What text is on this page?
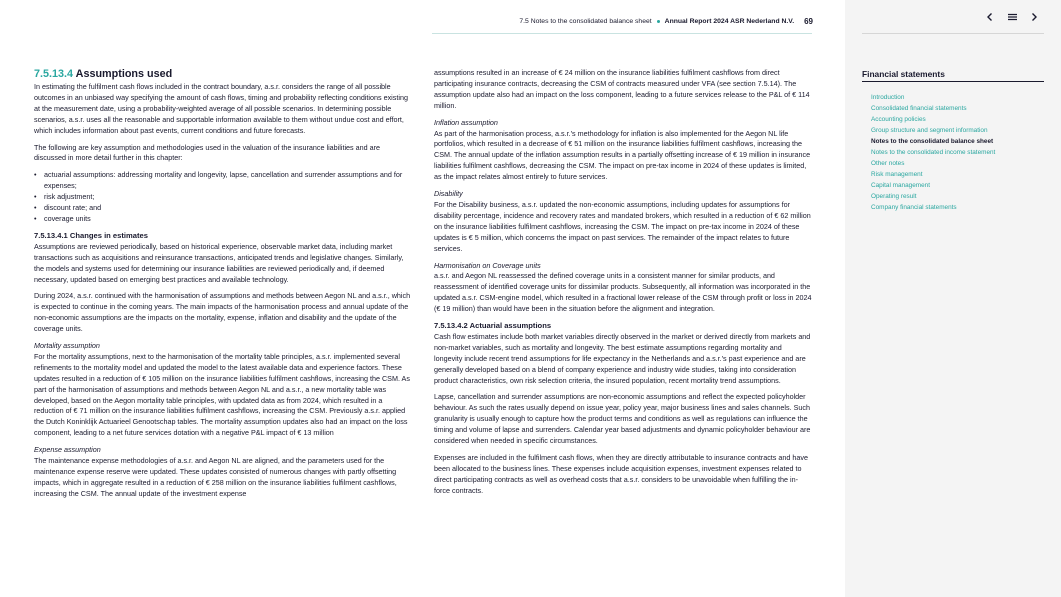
7.5 Notes to the consolidated balance sheet Annual Report 2024 ASR Nederland N.V. 69
7.5.13.4 Assumptions used

In estimating the fulfilment cash flows included in the contract boundary, a.s.r. considers the range of all possible outcomes in an unbiased way specifying the amount of cash flows, timing and probability reflecting conditions existing at the measurement date, using a probability-weighted average of all possible scenarios. In determining possible scenarios, a.s.r. uses all the reasonable and supportable information available to them without undue cost and effort, which includes information about past events, current conditions and future forecasts.

The following are key assumption and methodologies used in the valuation of the insurance liabilities and are discussed in more detail further in this chapter:

• actuarial assumptions: addressing mortality and longevity, lapse, cancellation and surrender assumptions and for expenses;
• risk adjustment;
• discount rate; and
• coverage units
7.5.13.4.1 Changes in estimates

Assumptions are reviewed periodically, based on historical experience, observable market data, including market transactions such as acquisitions and reinsurance transactions, anticipated trends and legislative changes. Similarly, the models and systems used for determining our insurance liabilities are reviewed periodically and, if deemed necessary, updated based on emerging best practices and available technology.

During 2024, a.s.r. continued with the harmonisation of assumptions and methods between Aegon NL and a.s.r., which is expected to continue in the coming years. The main impacts of the harmonisation process and annual update of the non-economic assumptions are the impacts on the mortality, expense, inflation and disability and the update of the coverage units.

Mortality assumption

For the mortality assumptions, next to the harmonisation of the mortality table principles, a.s.r. implemented several refinements to the mortality model and updated the model to the latest available data and experience factors. These updates resulted in a reduction of € 105 million on the insurance liabilities fulfilment cashflows, increasing the CSM. As part of the harmonisation of assumptions and methods between Aegon NL and a.s.r., a new mortality table was developed, based on the Aegon mortality table principles, with updated data as from 2024, which resulted in a reduction of € 71 million on the insurance liabilities fulfilment cashflows, increasing the CSM. Previously a.s.r. applied the Dutch Koninklijk Actuarieel Genootschap tables. The mortality assumption updates also had an impact on the loss component, leading to a net future services dotation with a negative P&L impact of € 13 million

Expense assumption

The maintenance expense methodologies of a.s.r. and Aegon NL are aligned, and the parameters used for the maintenance expense reserve were updated. These updates consisted of numerous changes with partly offsetting impacts, which in aggregate resulted in a reduction of € 258 million on the insurance liabilities fulfilment cashflows, increasing the CSM. The annual update of the investment expense

assumptions resulted in an increase of € 24 million on the insurance liabilities fulfilment cashflows from direct participating insurance contracts, decreasing the CSM of contracts measured under VFA (see section 7.5.14). The assumption update also had an impact on the loss component, leading to a future services release to the P&L of € 114 million.

Inflation assumption

As part of the harmonisation process, a.s.r.'s methodology for inflation is also implemented for the Aegon NL life portfolios, which resulted in a decrease of € 51 million on the insurance liabilities fulfilment cashflows, increasing the CSM. The annual update of the inflation assumption results in a partially offsetting increase of € 19 million in insurance liabilities fulfilment cashflows, decreasing the CSM. The impact on pre-tax income in 2024 of these updates is limited, as the impact relates almost entirely to future services.

Disability

For the Disability business, a.s.r. updated the non-economic assumptions, including updates for assumptions for disability percentage, incidence and recovery rates and mandated brokers, which resulted in a reduction of € 62 million on the insurance liabilities fulfilment cashflows, increasing the CSM. The impact on pre-tax income in 2024 of these updates is € 5 million, which concerns the impact on past services. The remainder of the impact relates to future services.

Harmonisation on Coverage units

a.s.r. and Aegon NL reassessed the defined coverage units in a consistent manner for similar products, and reassessment of identified coverage units for dissimilar products. Subsequently, all information was incorporated in the updated a.s.r. CSM-engine model, which resulted in a fractional lower release of the CSM through profit or loss in 2024 (€ 19 million) than would have been in the situation before the alignment and integration.

7.5.13.4.2 Actuarial assumptions

Cash flow estimates include both market variables directly observed in the market or derived directly from markets and non-market variables, such as mortality and longevity. The best estimate assumptions regarding mortality and longevity include recent trend assumptions for life expectancy in the Netherlands and a.s.r.'s past experience and are generally developed based on a blend of company experience and industry wide studies, taking into consideration product characteristics, own risk selection criteria, the insured population, recent mortality trend assumptions.

Lapse, cancellation and surrender assumptions are non-economic assumptions and reflect the expected policyholder behaviour. As such the rates usually depend on issue year, policy year, major business lines and sales channels. Such granularity is usually enough to capture how the product terms and conditions as well as regulations can influence the timing and volume of lapse and surrenders. Calendar year based adjustments and dynamic policyholder behaviour are considered when needed in specific circumstances.

Expenses are included in the fulfilment cash flows, when they are directly attributable to insurance contracts and have been allocated to the business lines. These expenses include acquisition expenses, investment expenses related to direct participating contracts as well as overhead costs that a.s.r. considers to be unavoidable when fulfilling the in-force contracts.

Financial statements
Introduction
Consolidated financial statements
Accounting policies
Group structure and segment information
Notes to the consolidated balance sheet
Notes to the consolidated income statement
Other notes
Risk management
Capital management
Operating result
Company financial statements
